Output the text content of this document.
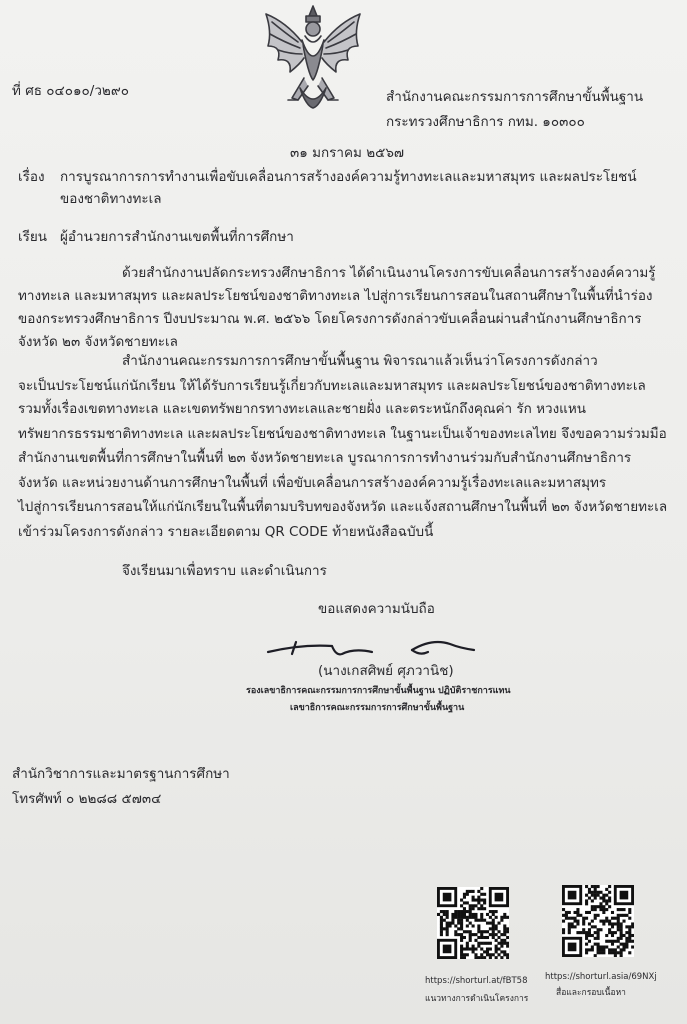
ที่ ศธ ๐๔๐๑๐/ว๒๙๐	สำนักงานคณะกรรมการการศึกษาขั้นพื้นฐาน
กระทรวงศึกษาธิการ กทม. ๑๐๓๐๐
๓๑ มกราคม ๒๕๖๗
เรื่อง การบูรณาการการทำงานเพื่อขับเคลื่อนการสร้างองค์ความรู้ทางทะเลและมหาสมุทร และผลประโยชน์
ของชาติทางทะเล
เรียน ผู้อำนวยการสำนักงานเขตพื้นที่การศึกษา
ด้วยสำนักงานปลัดกระทรวงศึกษาธิการ ได้ดำเนินงานโครงการขับเคลื่อนการสร้างองค์ความรู้
ทางทะเล และมหาสมุทร และผลประโยชน์ของชาติทางทะเล ไปสู่การเรียนการสอนในสถานศึกษาในพื้นที่นำร่อง
ของกระทรวงศึกษาธิการ ปีงบประมาณ พ.ศ. ๒๕๖๖ โดยโครงการดังกล่าวขับเคลื่อนผ่านสำนักงานศึกษาธิการ
จังหวัด ๒๓ จังหวัดชายทะเล
สำนักงานคณะกรรมการการศึกษาขั้นพื้นฐาน พิจารณาแล้วเห็นว่าโครงการดังกล่าว
จะเป็นประโยชน์แก่นักเรียน ให้ได้รับการเรียนรู้เกี่ยวกับทะเลและมหาสมุทร และผลประโยชน์ของชาติทางทะเล
รวมทั้งเรื่องเขตทางทะเล และเขตทรัพยากรทางทะเลและชายฝั่ง และตระหนักถึงคุณค่า รัก หวงแหน
ทรัพยากรธรรมชาติทางทะเล และผลประโยชน์ของชาติทางทะเล ในฐานะเป็นเจ้าของทะเลไทย จึงขอความร่วมมือ
สำนักงานเขตพื้นที่การศึกษาในพื้นที่ ๒๓ จังหวัดชายทะเล บูรณาการการทำงานร่วมกับสำนักงานศึกษาธิการ
จังหวัด และหน่วยงานด้านการศึกษาในพื้นที่ เพื่อขับเคลื่อนการสร้างองค์ความรู้เรื่องทะเลและมหาสมุทร
ไปสู่การเรียนการสอนให้แก่นักเรียนในพื้นที่ตามบริบทของจังหวัด และแจ้งสถานศึกษาในพื้นที่ ๒๓ จังหวัดชายทะเล
เข้าร่วมโครงการดังกล่าว รายละเอียดตาม QR CODE ท้ายหนังสือฉบับนี้
จึงเรียนมาเพื่อทราบ และดำเนินการ
ขอแสดงความนับถือ
(นางเกสศิพย์ ศุภวานิช)
รองเลขาธิการคณะกรรมการการศึกษาขั้นพื้นฐาน ปฏิบัติราชการแทน
เลขาธิการคณะกรรมการการศึกษาขั้นพื้นฐาน
สำนักวิชาการและมาตรฐานการศึกษา
โทรศัพท์ ๐ ๒๒๘๘ ๕๗๓๔
https://shorturl.at/fBT58 https://shorturl.asia/69NXj
แนวทางการดำเนินโครงการ
สื่อและกรอบเนื้อหา
